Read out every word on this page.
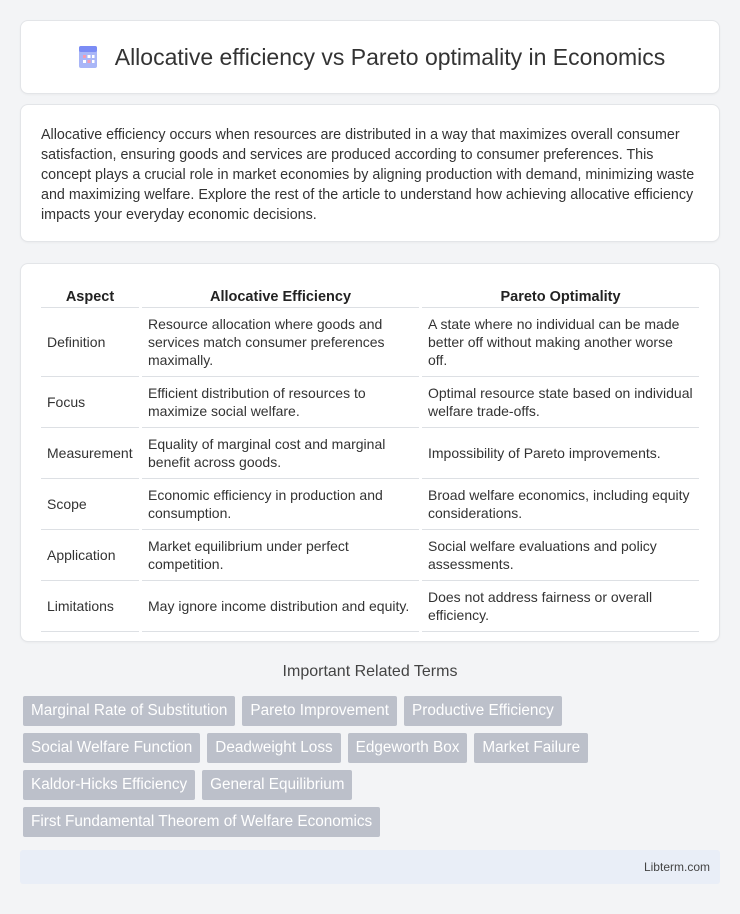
Allocative efficiency vs Pareto optimality in Economics

Allocative efficiency occurs when resources are distributed in a way that maximizes overall consumer satisfaction, ensuring goods and services are produced according to consumer preferences. This concept plays a crucial role in market economies by aligning production with demand, minimizing waste and maximizing welfare. Explore the rest of the article to understand how achieving allocative efficiency impacts your everyday economic decisions.

Aspect	Allocative Efficiency	Pareto Optimality
Definition	Resource allocation where goods and services match consumer preferences maximally.	A state where no individual can be made better off without making another worse off.
Focus	Efficient distribution of resources to maximize social welfare.	Optimal resource state based on individual welfare trade-offs.
Measurement	Equality of marginal cost and marginal benefit across goods.	Impossibility of Pareto improvements.
Scope	Economic efficiency in production and consumption.	Broad welfare economics, including equity considerations.
Application	Market equilibrium under perfect competition.	Social welfare evaluations and policy assessments.
Limitations	May ignore income distribution and equity.	Does not address fairness or overall efficiency.
Important Related Terms
Marginal Rate of Substitution	Pareto Improvement	Productive Efficiency
Social Welfare Function	Deadweight Loss	Edgeworth Box	Market Failure
Kaldor-Hicks Efficiency	General Equilibrium
First Fundamental Theorem of Welfare Economics
Libterm.com
